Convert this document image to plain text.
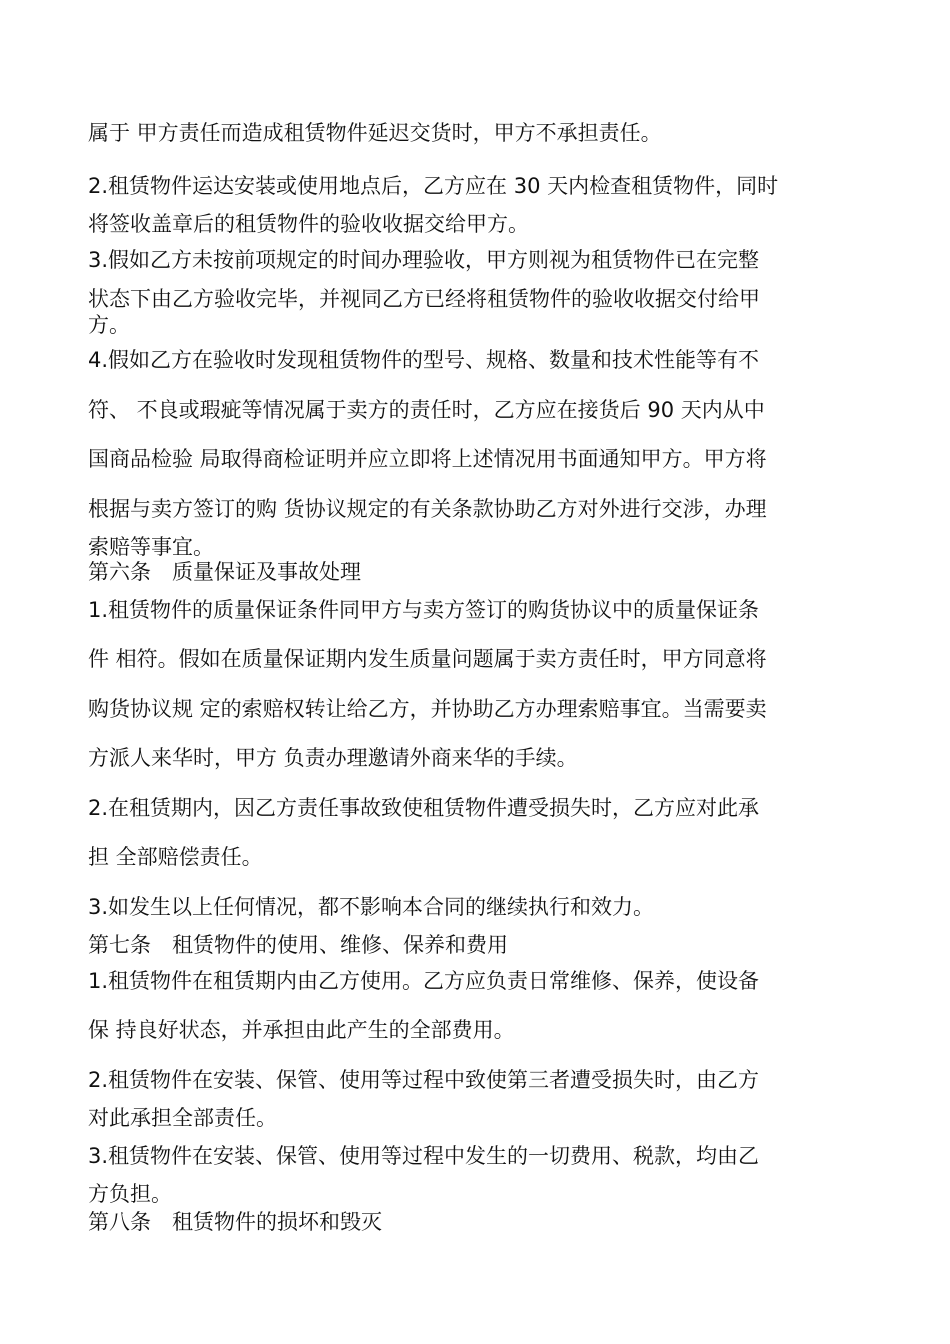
属于 甲方责任而造成租赁物件延迟交货时，甲方不承担责任。
2.租赁物件运达安装或使用地点后，乙方应在 30 天内检查租赁物件，同时
将签收盖章后的租赁物件的验收收据交给甲方。
3.假如乙方未按前项规定的时间办理验收，甲方则视为租赁物件已在完整
状态下由乙方验收完毕，并视同乙方已经将租赁物件的验收收据交付给甲
方。
4.假如乙方在验收时发现租赁物件的型号、规格、数量和技术性能等有不
符、 不良或瑕疵等情况属于卖方的责任时，乙方应在接货后 90 天内从中
国商品检验 局取得商检证明并应立即将上述情况用书面通知甲方。甲方将
根据与卖方签订的购 货协议规定的有关条款协助乙方对外进行交涉，办理
索赔等事宜。
第六条　质量保证及事故处理
1.租赁物件的质量保证条件同甲方与卖方签订的购货协议中的质量保证条
件 相符。假如在质量保证期内发生质量问题属于卖方责任时，甲方同意将
购货协议规 定的索赔权转让给乙方，并协助乙方办理索赔事宜。当需要卖
方派人来华时，甲方 负责办理邀请外商来华的手续。
2.在租赁期内，因乙方责任事故致使租赁物件遭受损失时，乙方应对此承
担 全部赔偿责任。
3.如发生以上任何情况，都不影响本合同的继续执行和效力。
第七条　租赁物件的使用、维修、保养和费用
1.租赁物件在租赁期内由乙方使用。乙方应负责日常维修、保养，使设备
保 持良好状态，并承担由此产生的全部费用。
2.租赁物件在安装、保管、使用等过程中致使第三者遭受损失时，由乙方
对此承担全部责任。
3.租赁物件在安装、保管、使用等过程中发生的一切费用、税款，均由乙
方负担。
第八条　租赁物件的损坏和毁灭
